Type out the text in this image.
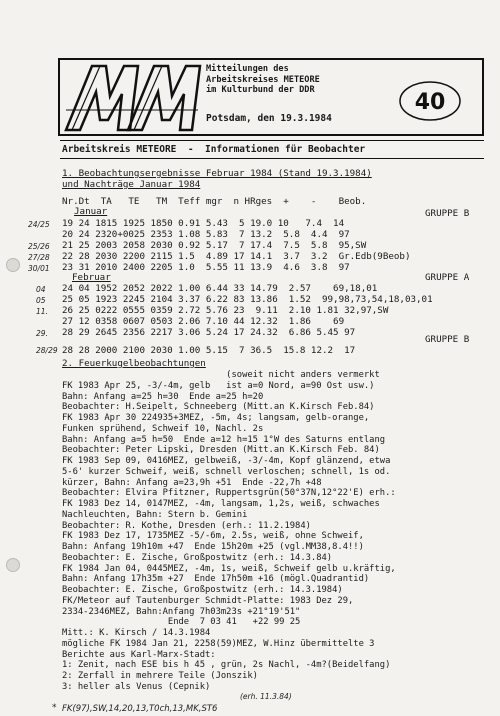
Mitteilungen des
Arbeitskreises METEORE
im Kulturbund der DDR
Potsdam, den 19.3.1984
40
Arbeitskreis METEORE  -  Informationen für Beobachter
1. Beobachtungsergebnisse Februar 1984 (Stand 19.3.1984)
und Nachträge Januar 1984
Nr.Dt  TA   TE   TM  Teff mgr  n HRges  +    -    Beob.
Januar	GRUPPE B
19 24 1815 1925 1850 0.91 5.43  5 19.0 10   7.4  14
20 24 2320+0025 2353 1.08 5.83  7 13.2  5.8  4.4  97
21 25 2003 2058 2030 0.92 5.17  7 17.4  7.5  5.8  95,SW
22 28 2030 2200 2115 1.5  4.89 17 14.1  3.7  3.2  Gr.Edb(9Beob)
23 31 2010 2400 2205 1.0  5.55 11 13.9  4.6  3.8  97
24/25

25/26
27/28
30/01
Februar	GRUPPE A
24 04 1952 2052 2022 1.00 6.44 33 14.79  2.57    69,18,01
25 05 1923 2245 2104 3.37 6.22 83 13.86  1.52  99,98,73,54,18,03,01
26 25 0222 0555 0359 2.72 5.76 23  9.11  2.10 1.81 32,97,SW
27 12 0358 0607 0503 2.06 7.10 44 12.32  1.86    69
28 29 2645 2356 2217 3.06 5.24 17 24.32  6.86 5.45 97
04
05
11.

29.
GRUPPE B
28 28 2000 2100 2030 1.00 5.15  7 36.5  15.8 12.2  17
28/29
2. Feuerkugelbeobachtungen
(soweit nicht anders vermerkt
FK 1983 Apr 25, -3/-4m, gelb   ist a=0 Nord, a=90 Ost usw.)
Bahn: Anfang a=25 h=30  Ende a=25 h=20
Beobachter: H.Seipelt, Schneeberg (Mitt.an K.Kirsch Feb.84)
FK 1983 Apr 30 224935+3MEZ, -5m, 4s; langsam, gelb-orange,
Funken sprühend, Schweif 10, Nachl. 2s
Bahn: Anfang a=5 h=50  Ende a=12 h=15 1°W des Saturns entlang
Beobachter: Peter Lipski, Dresden (Mitt.an K.Kirsch Feb. 84)
FK 1983 Sep 09, 0416MEZ, gelbweiß, -3/-4m, Kopf glänzend, etwa
5-6' kurzer Schweif, weiß, schnell verloschen; schnell, 1s od.
kürzer, Bahn: Anfang a=23,9h +51  Ende -22,7h +48
Beobachter: Elvira Pfitzner, Ruppertsgrün(50°37N,12°22'E) erh.:
FK 1983 Dez 14, 0147MEZ, -4m, langsam, 1,2s, weiß, schwaches
Nachleuchten, Bahn: Stern b. Gemini
Beobachter: R. Kothe, Dresden (erh.: 11.2.1984)
FK 1983 Dez 17, 1735MEZ -5/-6m, 2.5s, weiß, ohne Schweif,
Bahn: Anfang 19h10m +47  Ende 15h20m +25 (vgl.MM38,8.4!!)
Beobachter: E. Zische, Großpostwitz (erh.: 14.3.84)
FK 1984 Jan 04, 0445MEZ, -4m, 1s, weiß, Schweif gelb u.kräftig,
Bahn: Anfang 17h35m +27  Ende 17h50m +16 (mögl.Quadrantid)
Beobachter: E. Zische, Großpostwitz (erh.: 14.3.1984)
FK/Meteor auf Tautenburger Schmidt-Platte: 1983 Dez 29,
2334-2346MEZ, Bahn:Anfang 7h03m23s +21°19'51"
Ende  7 03 41   +22 99 25
Mitt.: K. Kirsch / 14.3.1984
mögliche FK 1984 Jan 21, 2258(59)MEZ, W.Hinz übermittelte 3
Berichte aus Karl-Marx-Stadt:
1: Zenit, nach ESE bis h 45 , grün, 2s Nachl, -4m?(Beidelfang)
2: Zerfall in mehrere Teile (Jonszik)
3: heller als Venus (Cepnik)
(erh. 11.3.84)
FK(97),SW,14,20,13,T0ch,13,MK,ST6
*
